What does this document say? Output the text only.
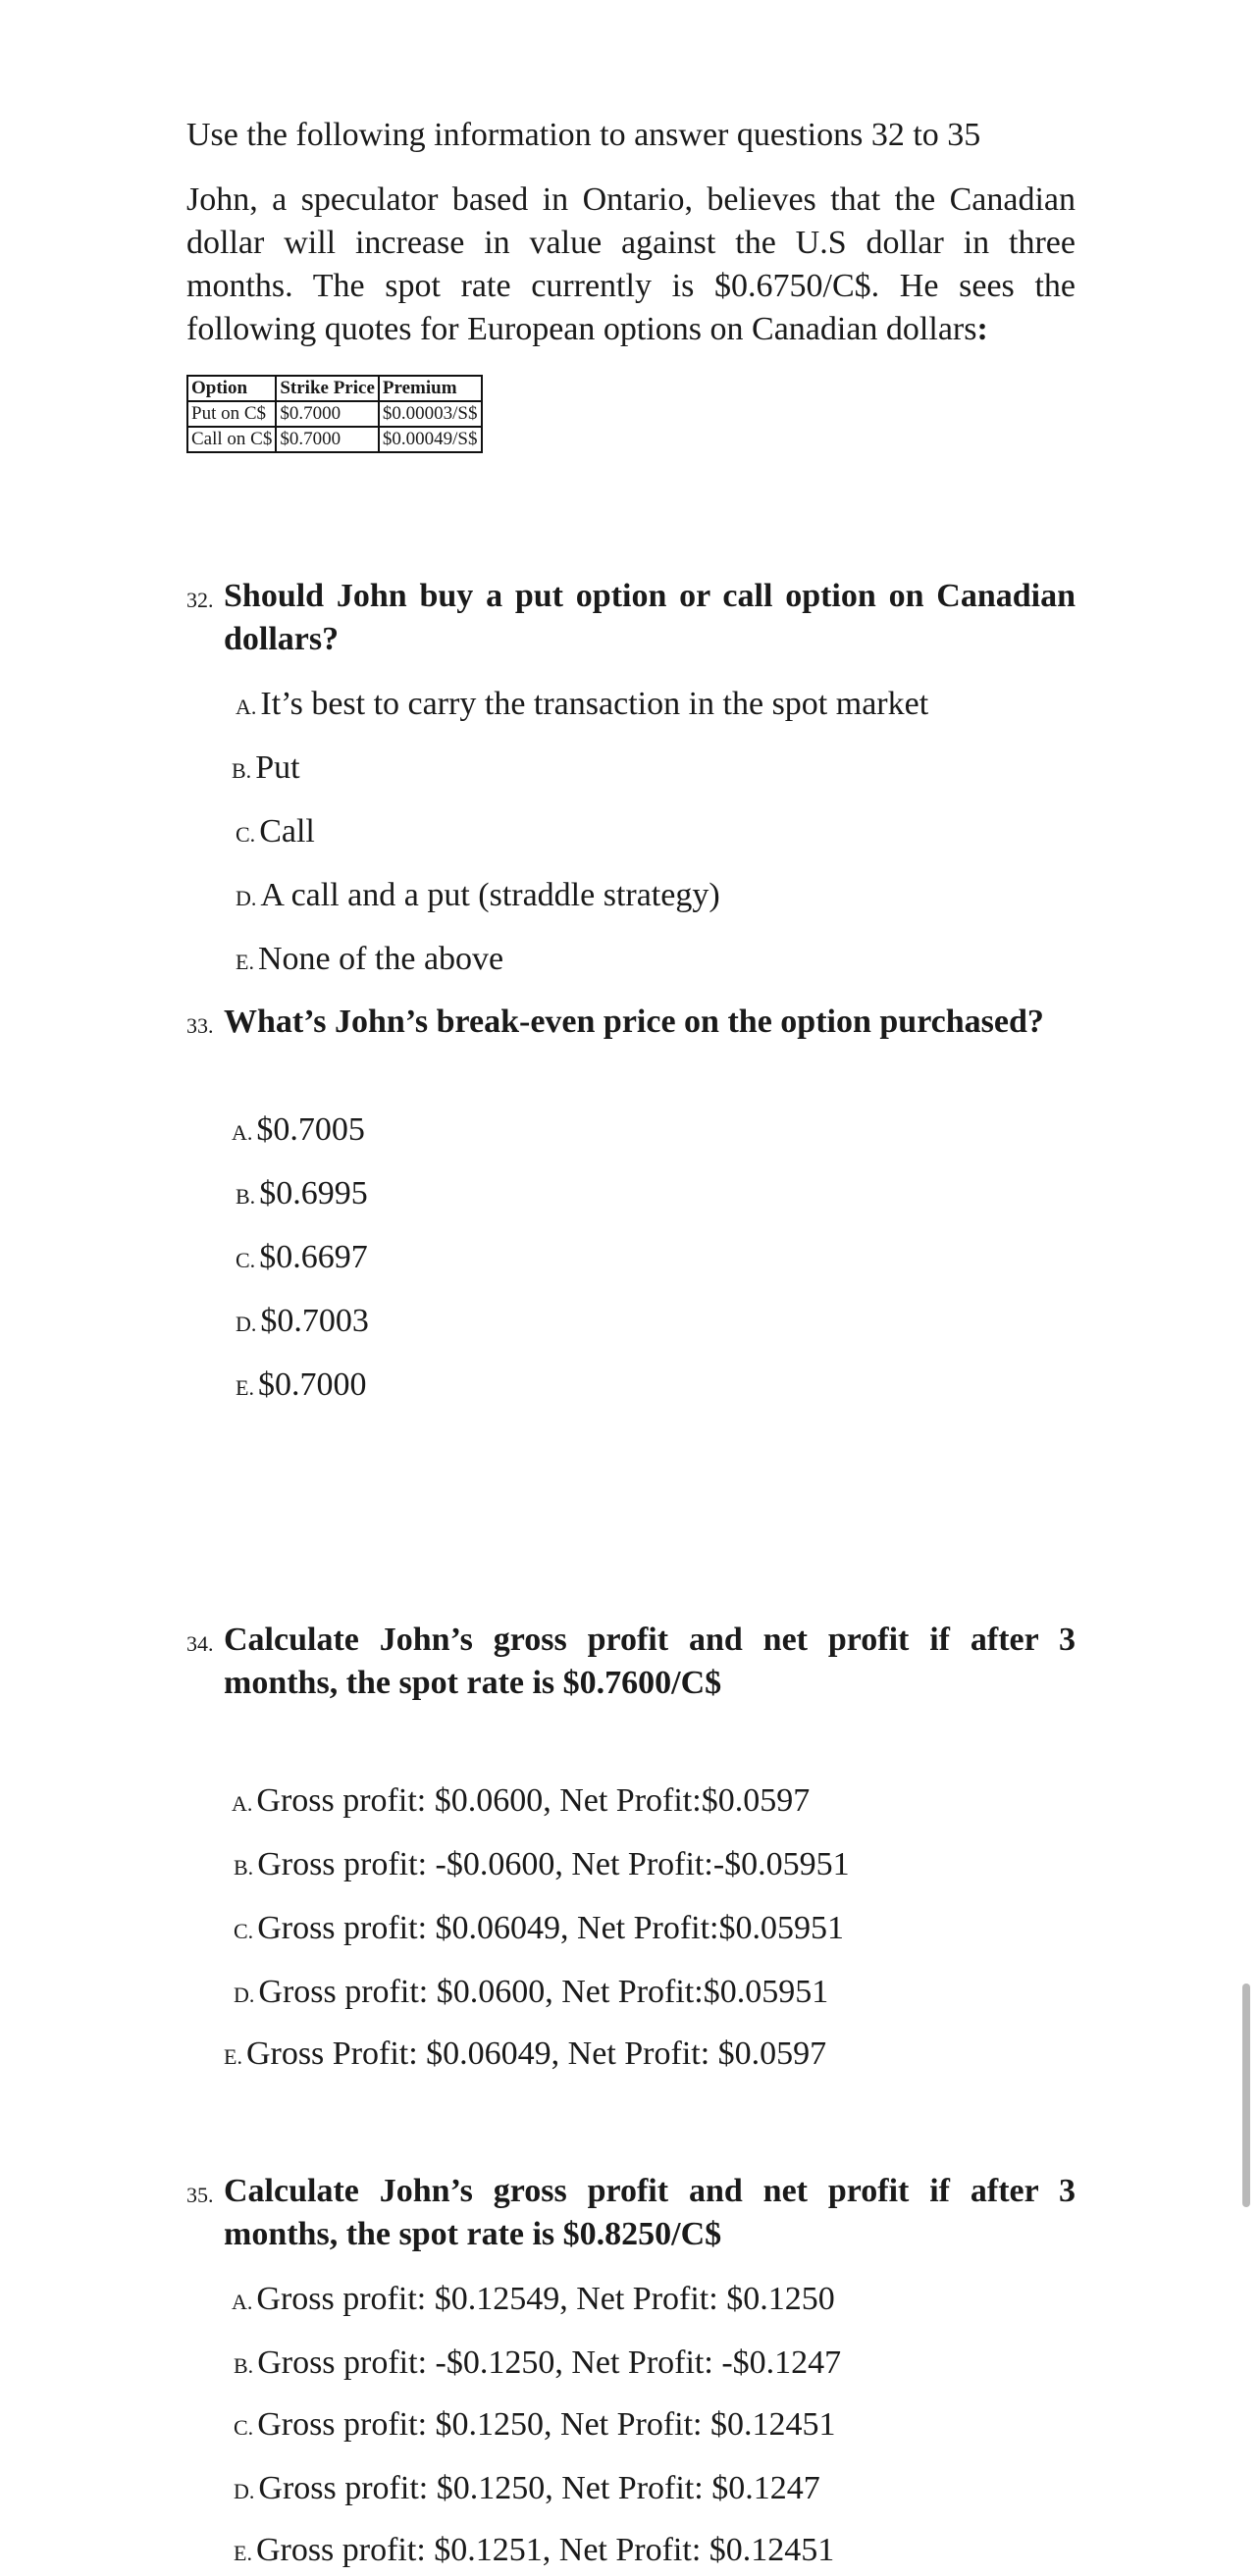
Use the following information to answer questions 32 to 35

John, a speculator based in Ontario, believes that the Canadian dollar will increase in value against the U.S dollar in three months. The spot rate currently is $0.6750/C$. He sees the following quotes for European options on Canadian dollars:

Option	Strike Price	Premium
Put on C$	$0.7000	$0.00003/S$
Call on C$	$0.7000	$0.00049/S$
32. Should John buy a put option or call option on Canadian dollars?
A. It’s best to carry the transaction in the spot market
B. Put
C. Call
D. A call and a put (straddle strategy)
E. None of the above
33. What’s John’s break-even price on the option purchased?
A. $0.7005
B. $0.6995
C. $0.6697
D. $0.7003
E. $0.7000
34. Calculate John’s gross profit and net profit if after 3 months, the spot rate is $0.7600/C$
A. Gross profit: $0.0600, Net Profit:$0.0597
B. Gross profit: -$0.0600, Net Profit:-$0.05951
C. Gross profit: $0.06049, Net Profit:$0.05951
D. Gross profit: $0.0600, Net Profit:$0.05951
E. Gross Profit: $0.06049, Net Profit: $0.0597
35. Calculate John’s gross profit and net profit if after 3 months, the spot rate is $0.8250/C$
A. Gross profit: $0.12549, Net Profit: $0.1250
B. Gross profit: -$0.1250, Net Profit: -$0.1247
C. Gross profit: $0.1250, Net Profit: $0.12451
D. Gross profit: $0.1250, Net Profit: $0.1247
E. Gross profit: $0.1251, Net Profit: $0.12451
